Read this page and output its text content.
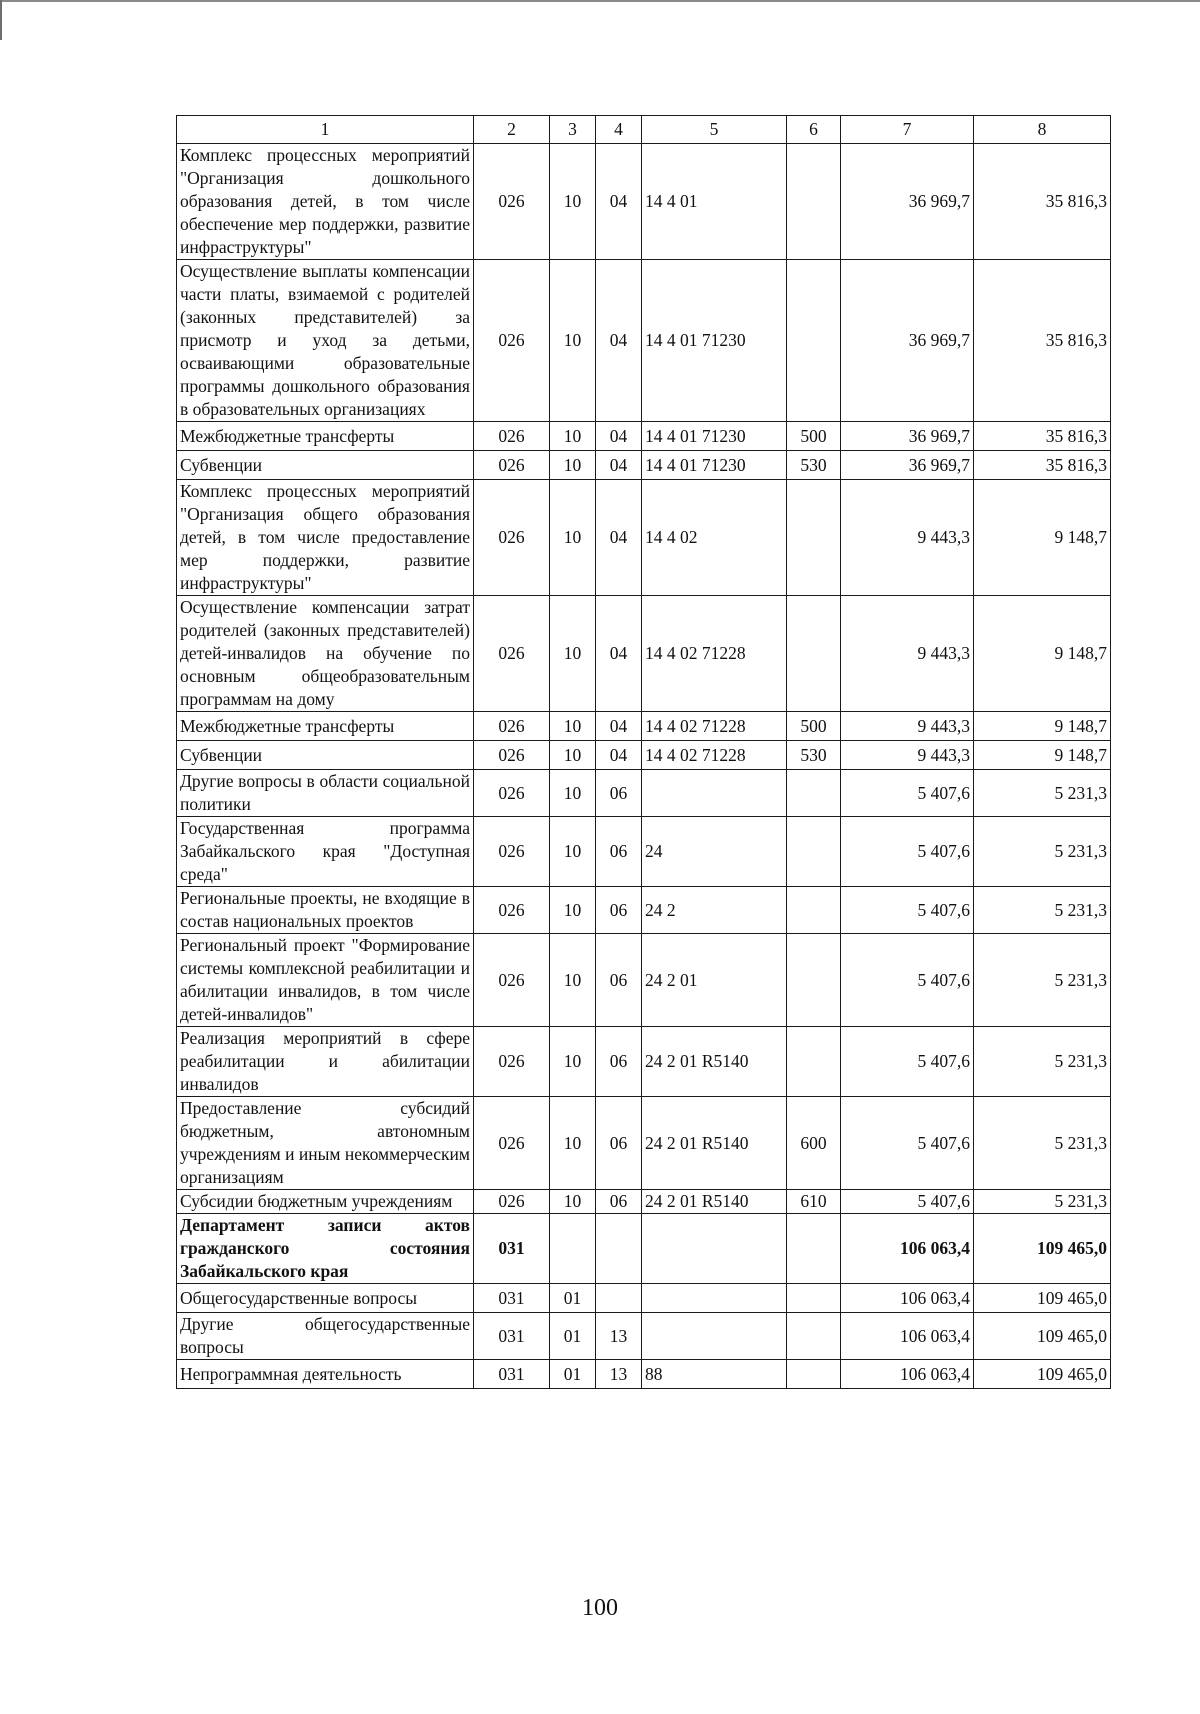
1	2	3	4	5	6	7	8
Комплекс процессных мероприятий "Организация дошкольного образования детей, в том числе обеспечение мер поддержки, развитие инфраструктуры"	026	10	04	14 4 01		36 969,7	35 816,3
Осуществление выплаты компенсации части платы, взимаемой с родителей (законных представителей) за присмотр и уход за детьми, осваивающими образовательные программы дошкольного образования в образовательных организациях	026	10	04	14 4 01 71230		36 969,7	35 816,3
Межбюджетные трансферты	026	10	04	14 4 01 71230	500	36 969,7	35 816,3
Субвенции	026	10	04	14 4 01 71230	530	36 969,7	35 816,3
Комплекс процессных мероприятий "Организация общего образования детей, в том числе предоставление мер поддержки, развитие инфраструктуры"	026	10	04	14 4 02		9 443,3	9 148,7
Осуществление компенсации затрат родителей (законных представителей) детей-инвалидов на обучение по основным общеобразовательным программам на дому	026	10	04	14 4 02 71228		9 443,3	9 148,7
Межбюджетные трансферты	026	10	04	14 4 02 71228	500	9 443,3	9 148,7
Субвенции	026	10	04	14 4 02 71228	530	9 443,3	9 148,7
Другие вопросы в области социальной политики	026	10	06			5 407,6	5 231,3
Государственная программа Забайкальского края "Доступная среда"	026	10	06	24		5 407,6	5 231,3
Региональные проекты, не входящие в состав национальных проектов	026	10	06	24 2		5 407,6	5 231,3
Региональный проект "Формирование системы комплексной реабилитации и абилитации инвалидов, в том числе детей-инвалидов"	026	10	06	24 2 01		5 407,6	5 231,3
Реализация мероприятий в сфере реабилитации и абилитации инвалидов	026	10	06	24 2 01 R5140		5 407,6	5 231,3
Предоставление субсидий бюджетным, автономным учреждениям и иным некоммерческим организациям	026	10	06	24 2 01 R5140	600	5 407,6	5 231,3
Субсидии бюджетным учреждениям	026	10	06	24 2 01 R5140	610	5 407,6	5 231,3
Департамент записи актов гражданского состояния Забайкальского края	031					106 063,4	109 465,0
Общегосударственные вопросы	031	01				106 063,4	109 465,0
Другие общегосударственные вопросы	031	01	13			106 063,4	109 465,0
Непрограммная деятельность	031	01	13	88		106 063,4	109 465,0
100
